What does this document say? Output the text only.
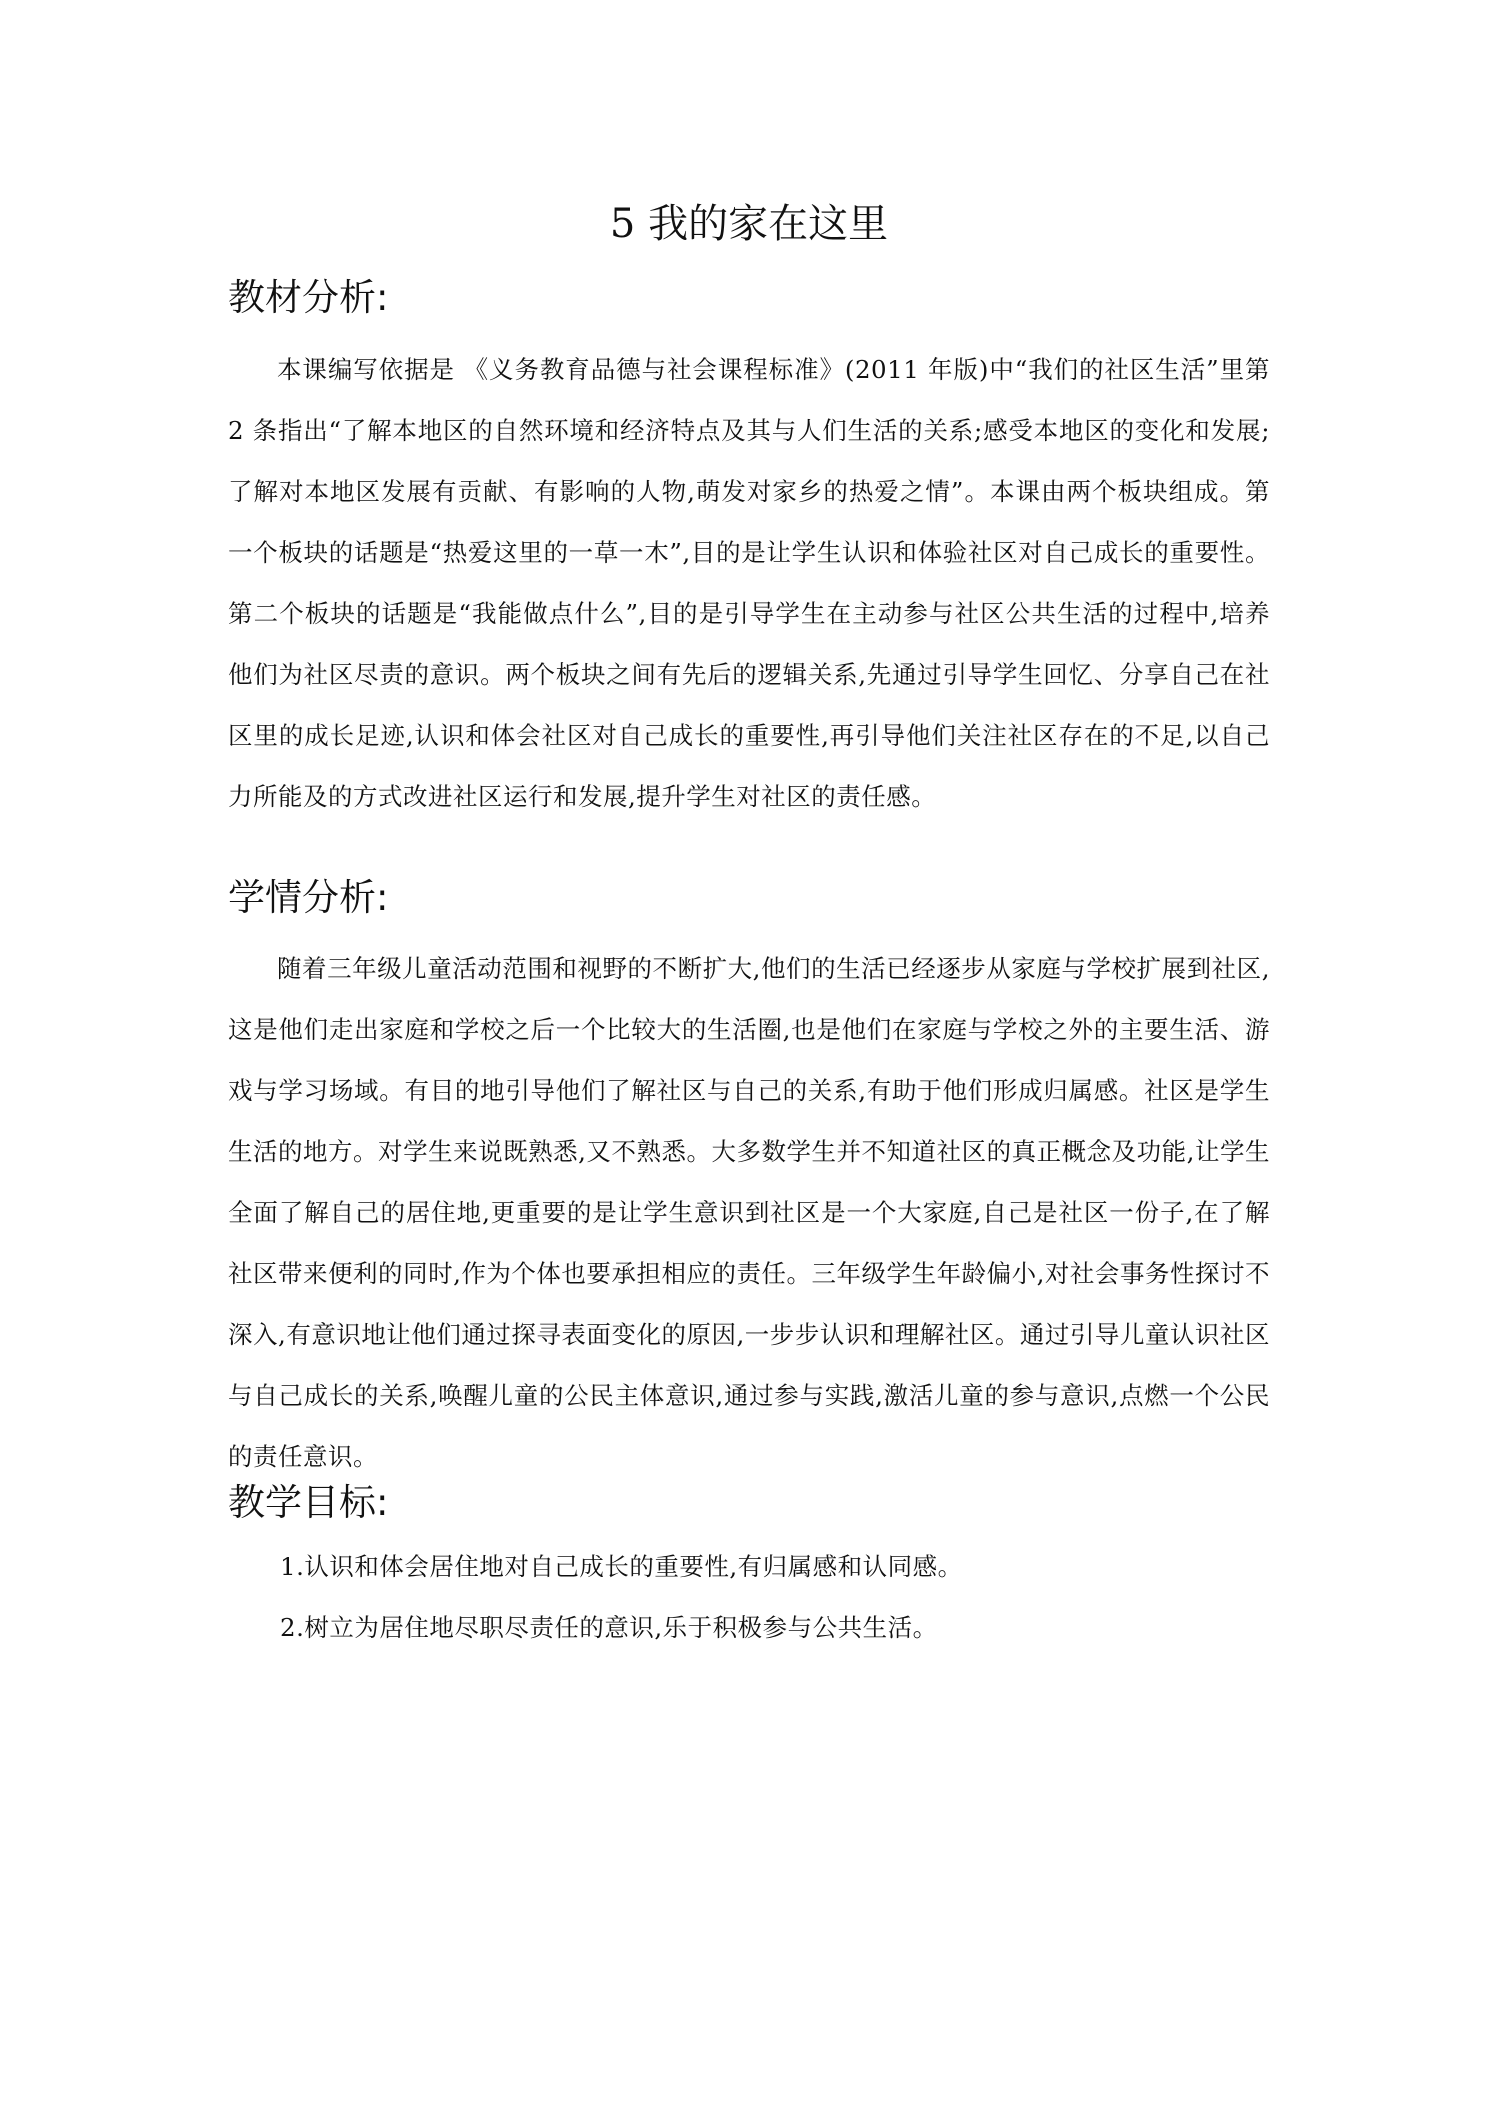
5 我的家在这里
教材分析:

本课编写依据是 《义务教育品德与社会课程标准》(2011 年版)中“我们的社区生活”里第 2 条指出“了解本地区的自然环境和经济特点及其与人们生活的关系;感受本地区的变化和发展;了解对本地区发展有贡献、有影响的人物,萌发对家乡的热爱之情”。本课由两个板块组成。第一个板块的话题是“热爱这里的一草一木”,目的是让学生认识和体验社区对自己成长的重要性。第二个板块的话题是“我能做点什么”,目的是引导学生在主动参与社区公共生活的过程中,培养他们为社区尽责的意识。两个板块之间有先后的逻辑关系,先通过引导学生回忆、分享自己在社区里的成长足迹,认识和体会社区对自己成长的重要性,再引导他们关注社区存在的不足,以自己力所能及的方式改进社区运行和发展,提升学生对社区的责任感。

学情分析:

随着三年级儿童活动范围和视野的不断扩大,他们的生活已经逐步从家庭与学校扩展到社区,这是他们走出家庭和学校之后一个比较大的生活圈,也是他们在家庭与学校之外的主要生活、游戏与学习场域。有目的地引导他们了解社区与自己的关系,有助于他们形成归属感。社区是学生生活的地方。对学生来说既熟悉,又不熟悉。大多数学生并不知道社区的真正概念及功能,让学生全面了解自己的居住地,更重要的是让学生意识到社区是一个大家庭,自己是社区一份子,在了解社区带来便利的同时,作为个体也要承担相应的责任。三年级学生年龄偏小,对社会事务性探讨不深入,有意识地让他们通过探寻表面变化的原因,一步步认识和理解社区。通过引导儿童认识社区与自己成长的关系,唤醒儿童的公民主体意识,通过参与实践,激活儿童的参与意识,点燃一个公民的责任意识。

教学目标:

1.认识和体会居住地对自己成长的重要性,有归属感和认同感。

2.树立为居住地尽职尽责任的意识,乐于积极参与公共生活。
